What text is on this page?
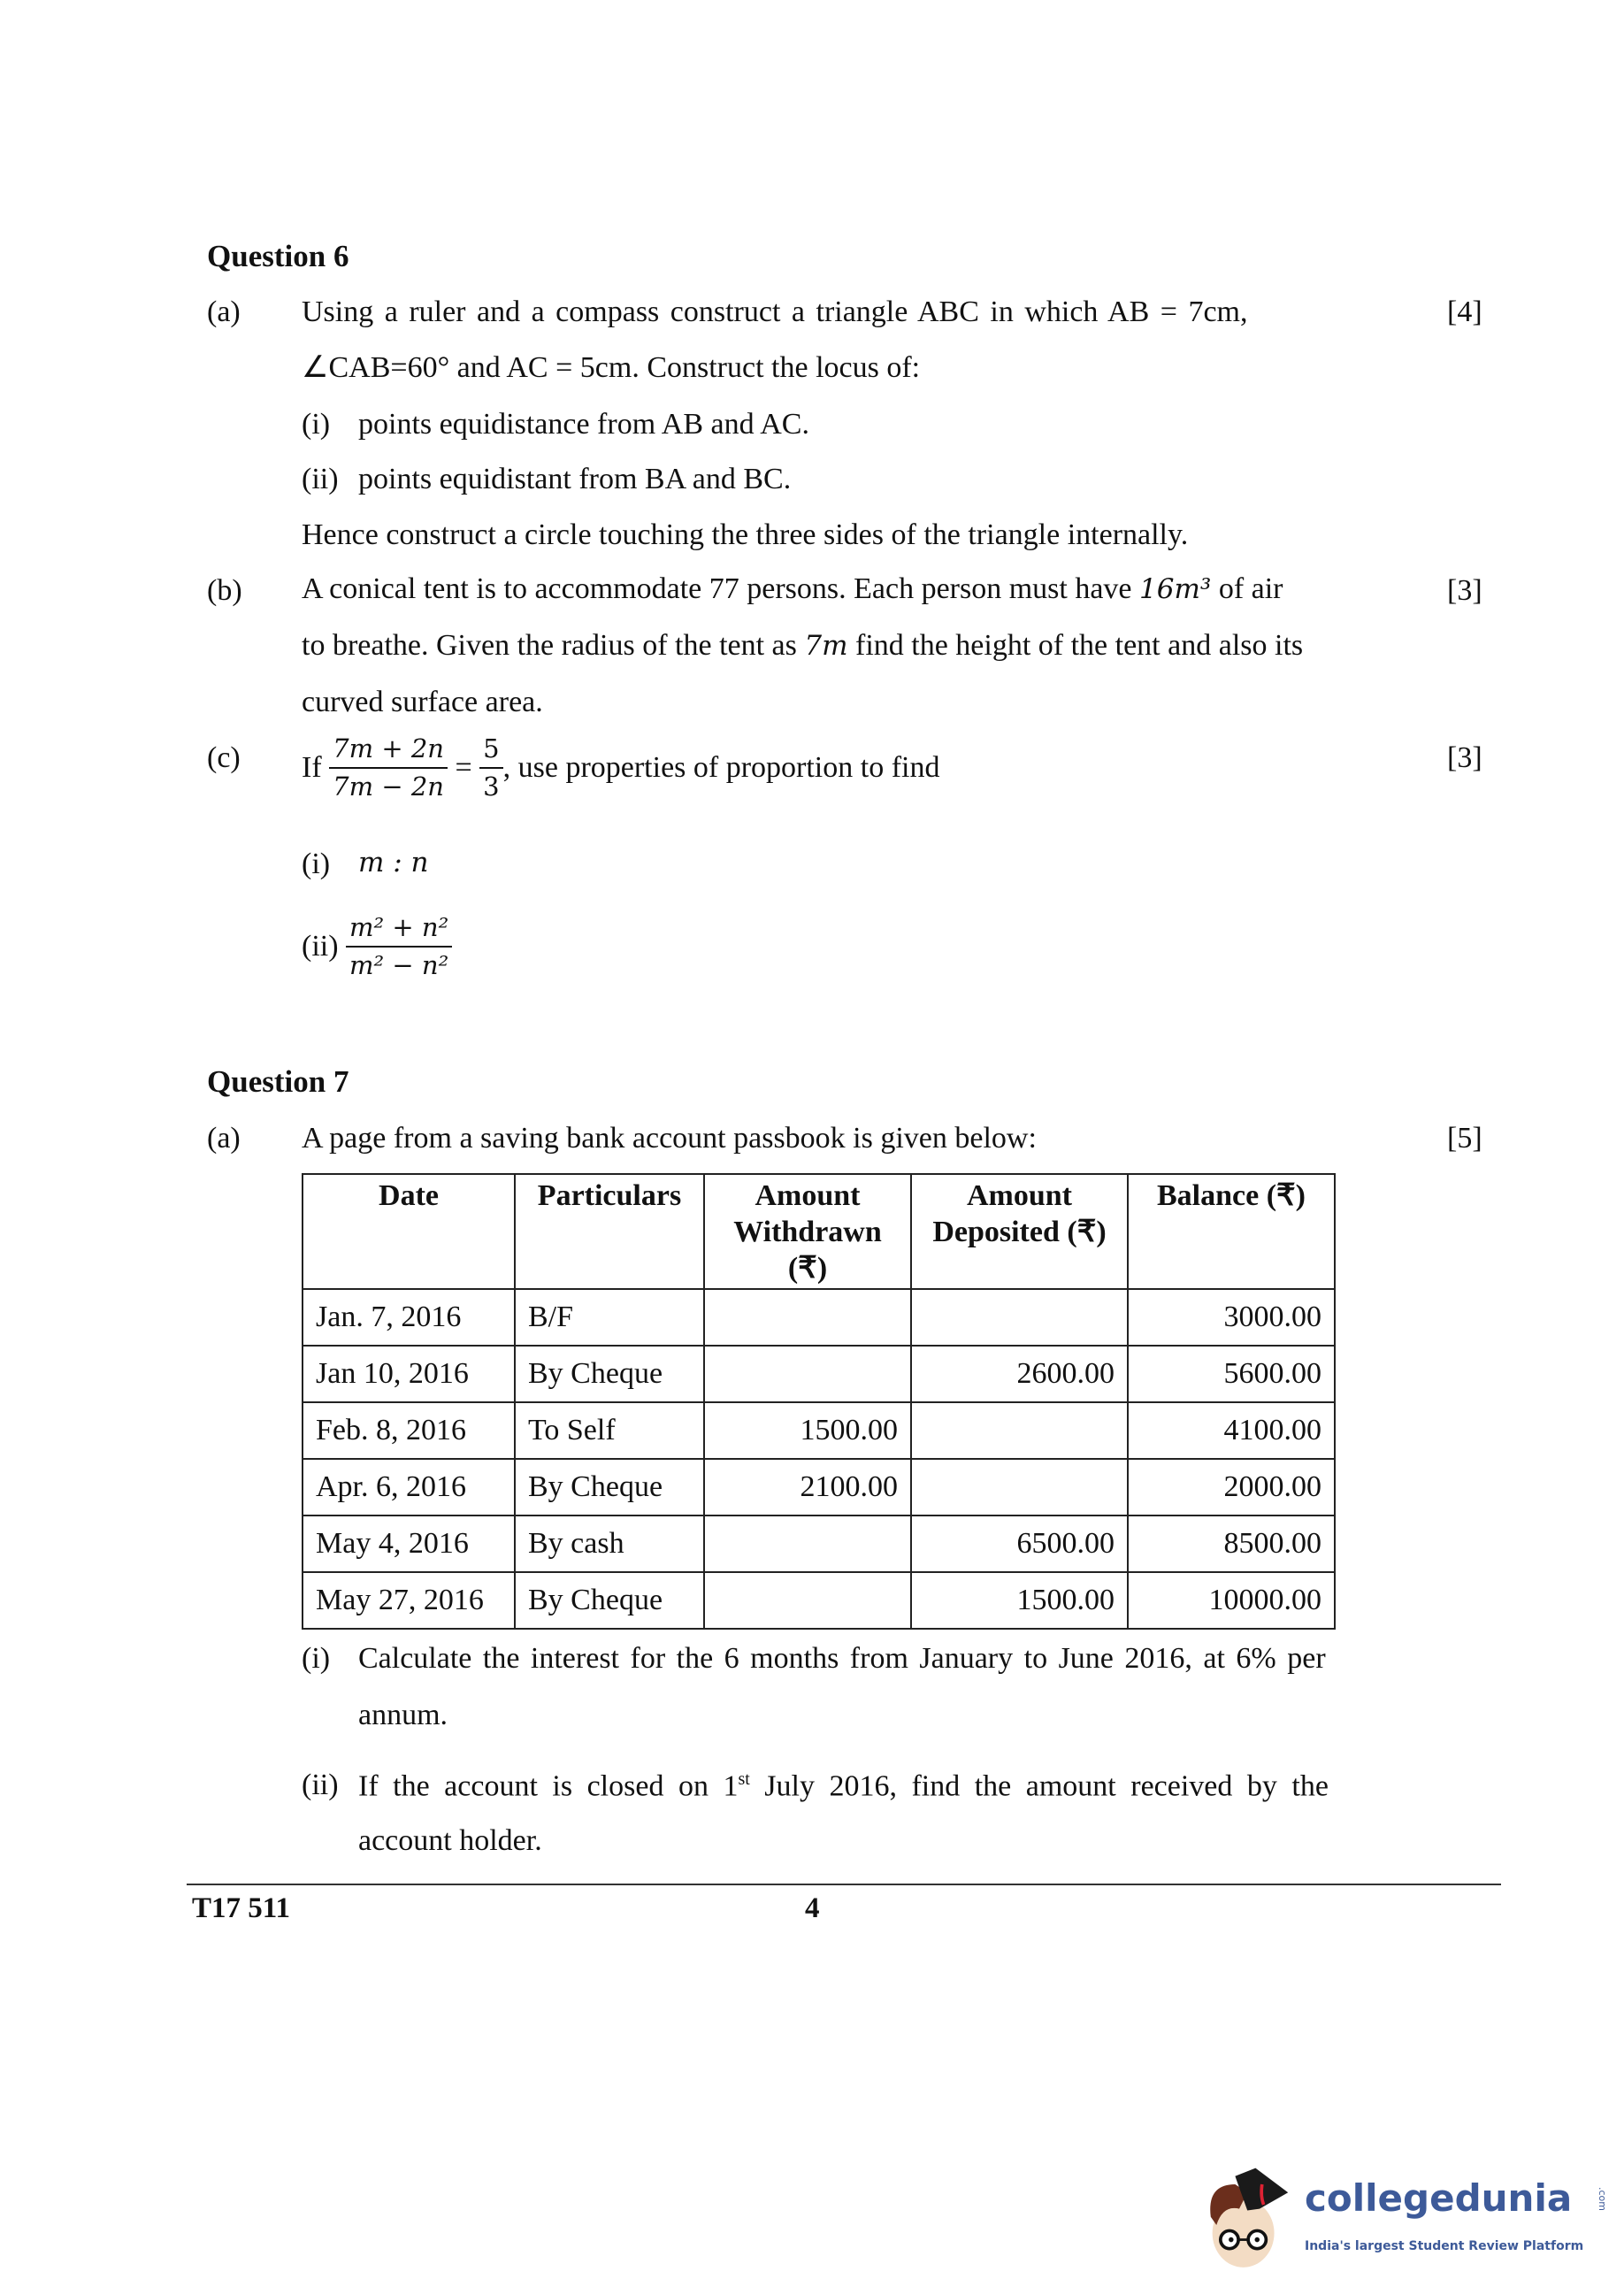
Question 6
(a) Using a ruler and a compass construct a triangle ABC in which AB = 7cm,	[4]
∠CAB=60° and AC = 5cm. Construct the locus of:
(i) points equidistance from AB and AC.
(ii) points equidistant from BA and BC.
Hence construct a circle touching the three sides of the triangle internally.
(b) A conical tent is to accommodate 77 persons. Each person must have 16m³ of air	[3]
to breathe. Given the radius of the tent as 7m find the height of the tent and also its
curved surface area.
(c) If $\frac{7m + 2n}{7m - 2n} = \frac{5}{3}$ , use properties of proportion to find	[3]
(i) m : n
$(ii) \frac{\text{m² + n²}}{\text{m² − n²}}$
Question 7
(a) A page from a saving bank account passbook is given below:	[5]
Date	Particulars	Amount Withdrawn (₹)	Amount Deposited (₹)	Balance (₹)
Jan. 7, 2016	B/F			3000.00
Jan 10, 2016	By Cheque		2600.00	5600.00
Feb. 8, 2016	To Self	1500.00		4100.00
Apr. 6, 2016	By Cheque	2100.00		2000.00
May 4, 2016	By cash		6500.00	8500.00
May 27, 2016	By Cheque		1500.00	10000.00
(i) Calculate the interest for the 6 months from January to June 2016, at 6% per
annum.
(ii) If the account is closed on 1st July 2016, find the amount received by the
account holder.
T17 511	4
collegedunia	.com
India's largest Student Review Platform
